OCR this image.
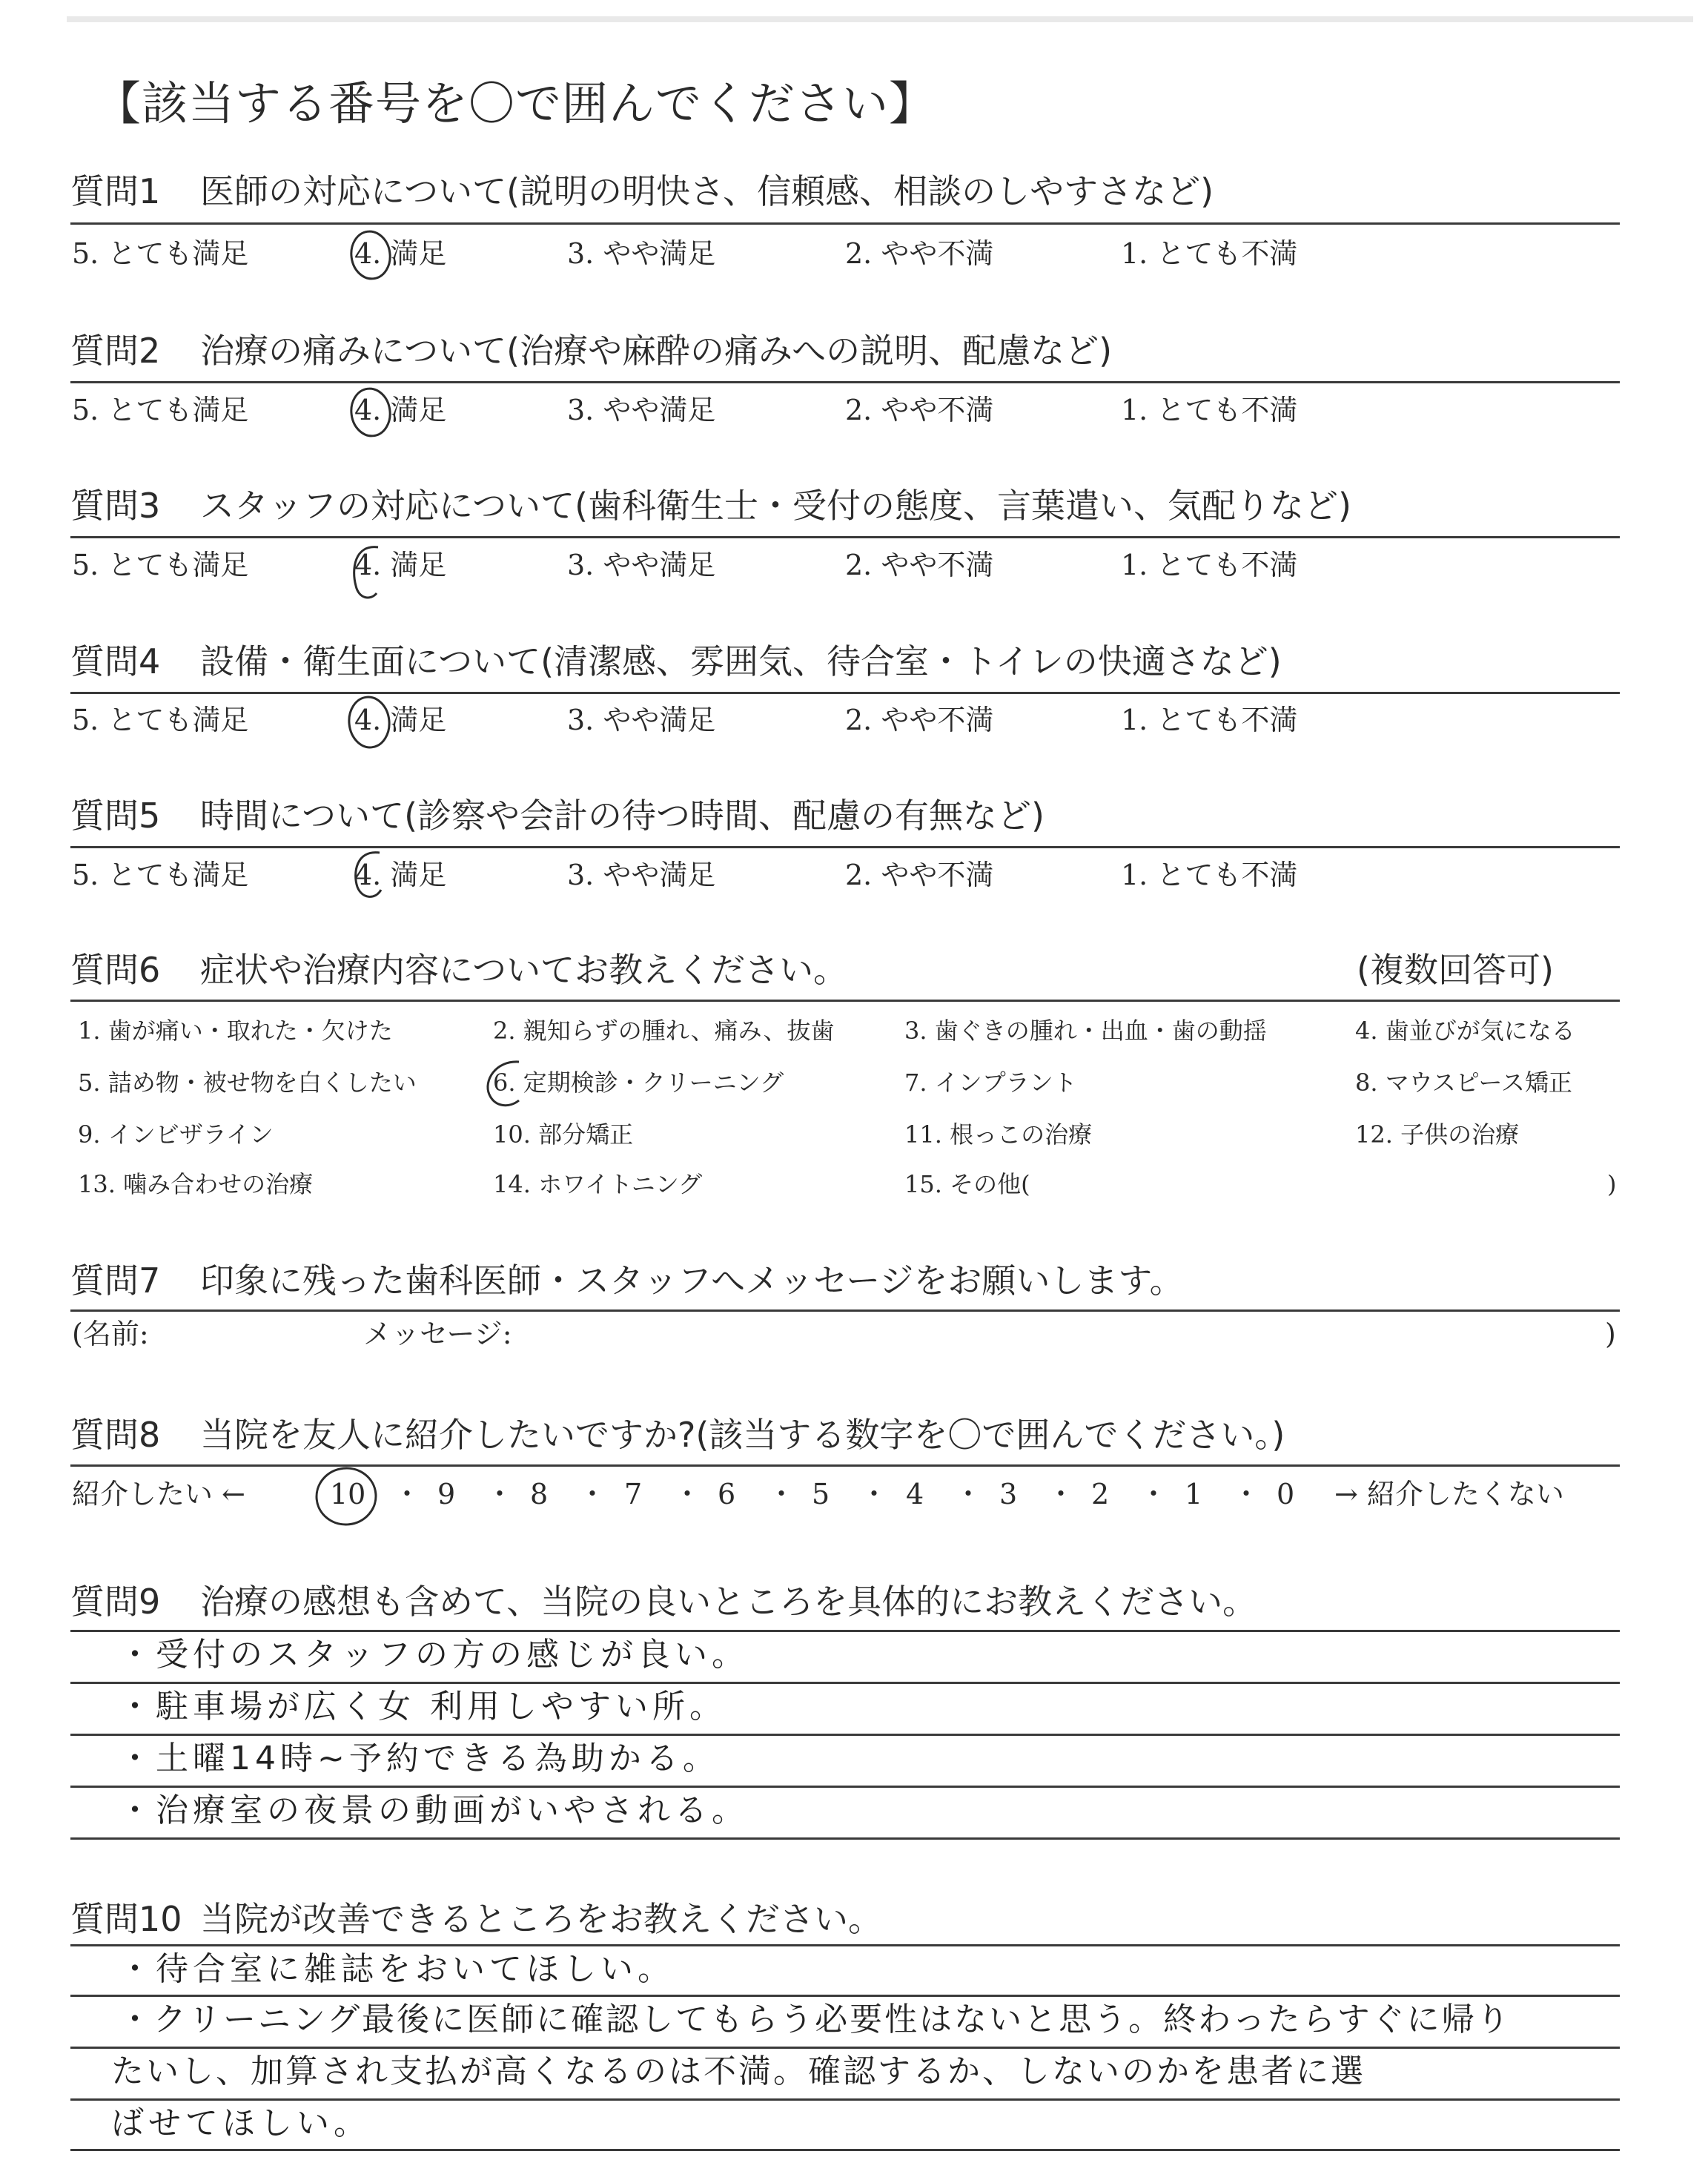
【該当する番号を〇で囲んでください】
質問1 医師の対応について(説明の明快さ、信頼感、相談のしやすさなど)
5. とても満足	4. 満足	3. やや満足	2. やや不満	1. とても不満
質問2 治療の痛みについて(治療や麻酔の痛みへの説明、配慮など)
5. とても満足	4. 満足	3. やや満足	2. やや不満	1. とても不満
質問3 スタッフの対応について(歯科衛生士・受付の態度、言葉遣い、気配りなど)
5. とても満足	4. 満足	3. やや満足	2. やや不満	1. とても不満
質問4 設備・衛生面について(清潔感、雰囲気、待合室・トイレの快適さなど)
5. とても満足	4. 満足	3. やや満足	2. やや不満	1. とても不満
質問5 時間について(診察や会計の待つ時間、配慮の有無など)
5. とても満足	4. 満足	3. やや満足	2. やや不満	1. とても不満
質問6 症状や治療内容についてお教えください。	(複数回答可)
1. 歯が痛い・取れた・欠けた	2. 親知らずの腫れ、痛み、抜歯	3. 歯ぐきの腫れ・出血・歯の動揺	4. 歯並びが気になる
5. 詰め物・被せ物を白くしたい	6. 定期検診・クリーニング	7. インプラント	8. マウスピース矯正
9. インビザライン	10. 部分矯正	11. 根っこの治療	12. 子供の治療
13. 噛み合わせの治療	14. ホワイトニング	15. その他(	)
質問7 印象に残った歯科医師・スタッフへメッセージをお願いします。
(名前:	メッセージ:	)
質問8 当院を友人に紹介したいですか?(該当する数字を〇で囲んでください。)
紹介したい ←	10 ・ 9 ・ 8 ・ 7 ・ 6 ・ 5 ・ 4 ・ 3 ・ 2 ・ 1 ・ 0 → 紹介したくない
質問9 治療の感想も含めて、当院の良いところを具体的にお教えください。
・受付のスタッフの方の感じが良い。
・駐車場が広く女 利用しやすい所。
・土曜14時~予約できる為助かる。
・治療室の夜景の動画がいやされる。
質問10 当院が改善できるところをお教えください。
・待合室に雑誌をおいてほしい。
・クリーニング最後に医師に確認してもらう必要性はないと思う。終わったらすぐに帰り
たいし、加算され支払が高くなるのは不満。確認するか、しないのかを患者に選
ばせてほしい。
